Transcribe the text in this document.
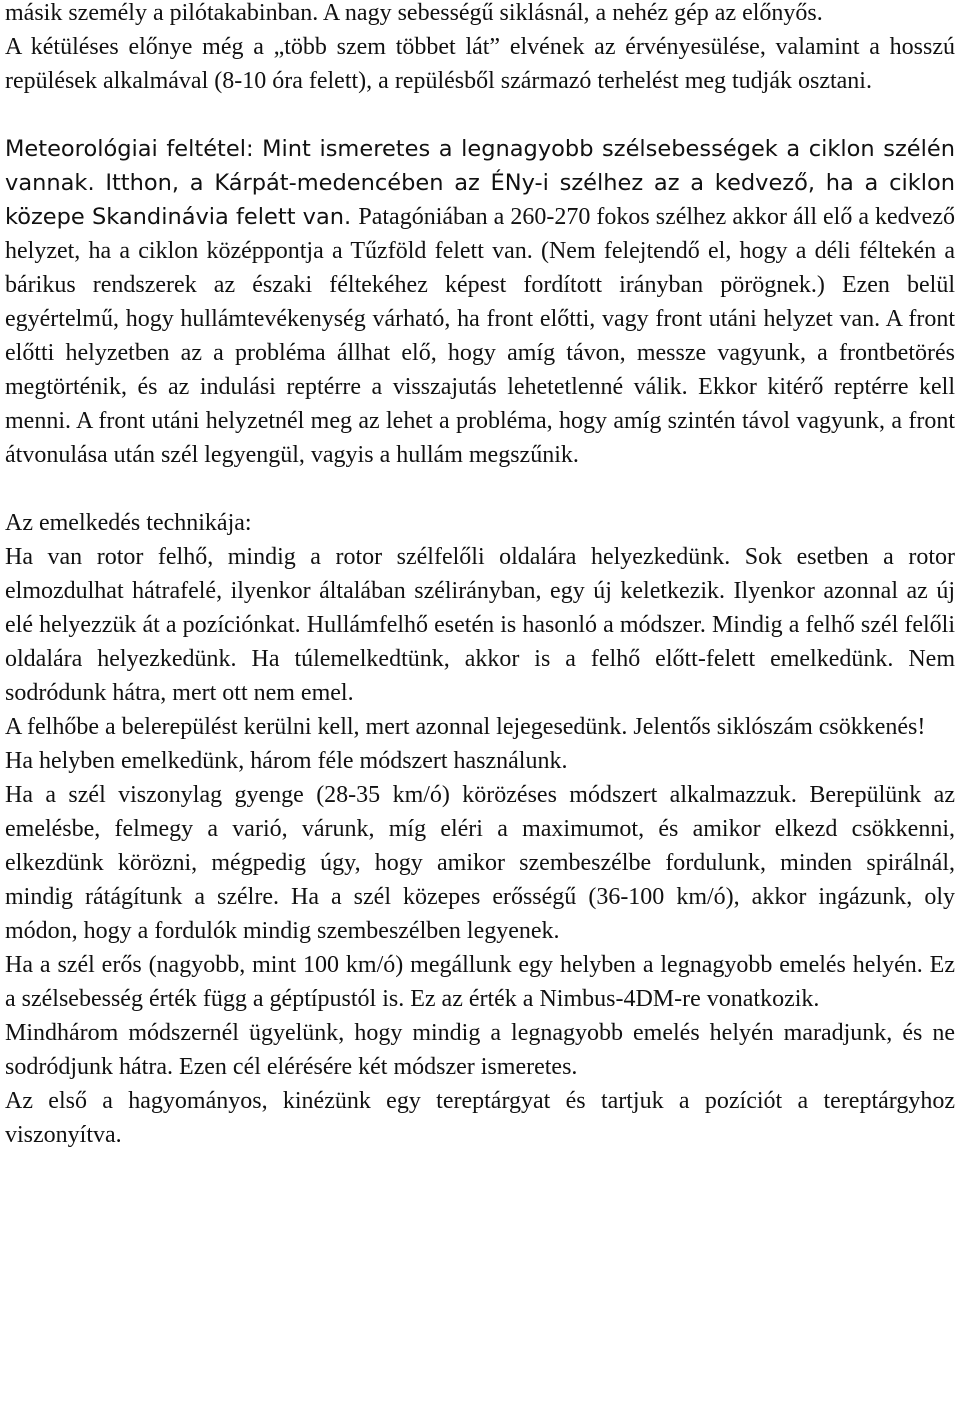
másik személy a pilótakabinban. A nagy sebességű siklásnál, a nehéz gép az előnyős.

A kétüléses előnye még a „több szem többet lát” elvének az érvényesülése, valamint a hosszú repülések alkalmával (8-10 óra felett), a repülésből származó terhelést meg tudják osztani.

Meteorológiai feltétel: Mint ismeretes a legnagyobb szélsebességek a ciklon szélén vannak. Itthon, a Kárpát-medencében az ÉNy-i szélhez az a kedvező, ha a ciklon közepe Skandinávia felett van. Patagóniában a 260-270 fokos szélhez akkor áll elő a kedvező helyzet, ha a ciklon középpontja a Tűzföld felett van. (Nem felejtendő el, hogy a déli féltekén a bárikus rendszerek az északi féltekéhez képest fordított irányban pörögnek.) Ezen belül egyértelmű, hogy hullámtevékenység várható, ha front előtti, vagy front utáni helyzet van. A front előtti helyzetben az a probléma állhat elő, hogy amíg távon, messze vagyunk, a frontbetörés megtörténik, és az indulási reptérre a visszajutás lehetetlenné válik. Ekkor kitérő reptérre kell menni. A front utáni helyzetnél meg az lehet a probléma, hogy amíg szintén távol vagyunk, a front átvonulása után szél legyengül, vagyis a hullám megszűnik.

Az emelkedés technikája:

Ha van rotor felhő, mindig a rotor szélfelőli oldalára helyezkedünk. Sok esetben a rotor elmozdulhat hátrafelé, ilyenkor általában szélirányban, egy új keletkezik. Ilyenkor azonnal az új elé helyezzük át a pozíciónkat. Hullámfelhő esetén is hasonló a módszer. Mindig a felhő szél felőli oldalára helyezkedünk. Ha túlemelkedtünk, akkor is a felhő előtt-felett emelkedünk. Nem sodródunk hátra, mert ott nem emel.

A felhőbe a belerepülést kerülni kell, mert azonnal lejegesedünk. Jelentős siklószám csökkenés!

Ha helyben emelkedünk, három féle módszert használunk.

Ha a szél viszonylag gyenge (28-35 km/ó) körözéses módszert alkalmazzuk. Berepülünk az emelésbe, felmegy a varió, várunk, míg eléri a maximumot, és amikor elkezd csökkenni, elkezdünk körözni, mégpedig úgy, hogy amikor szembeszélbe fordulunk, minden spirálnál, mindig rátágítunk a szélre. Ha a szél közepes erősségű (36-100 km/ó), akkor ingázunk, oly módon, hogy a fordulók mindig szembeszélben legyenek.

Ha a szél erős (nagyobb, mint 100 km/ó) megállunk egy helyben a legnagyobb emelés helyén. Ez a szélsebesség érték függ a géptípustól is. Ez az érték a Nimbus-4DM-re vonatkozik.

Mindhárom módszernél ügyelünk, hogy mindig a legnagyobb emelés helyén maradjunk, és ne sodródjunk hátra. Ezen cél elérésére két módszer ismeretes.

Az első a hagyományos, kinézünk egy tereptárgyat és tartjuk a pozíciót a tereptárgyhoz viszonyítva.
